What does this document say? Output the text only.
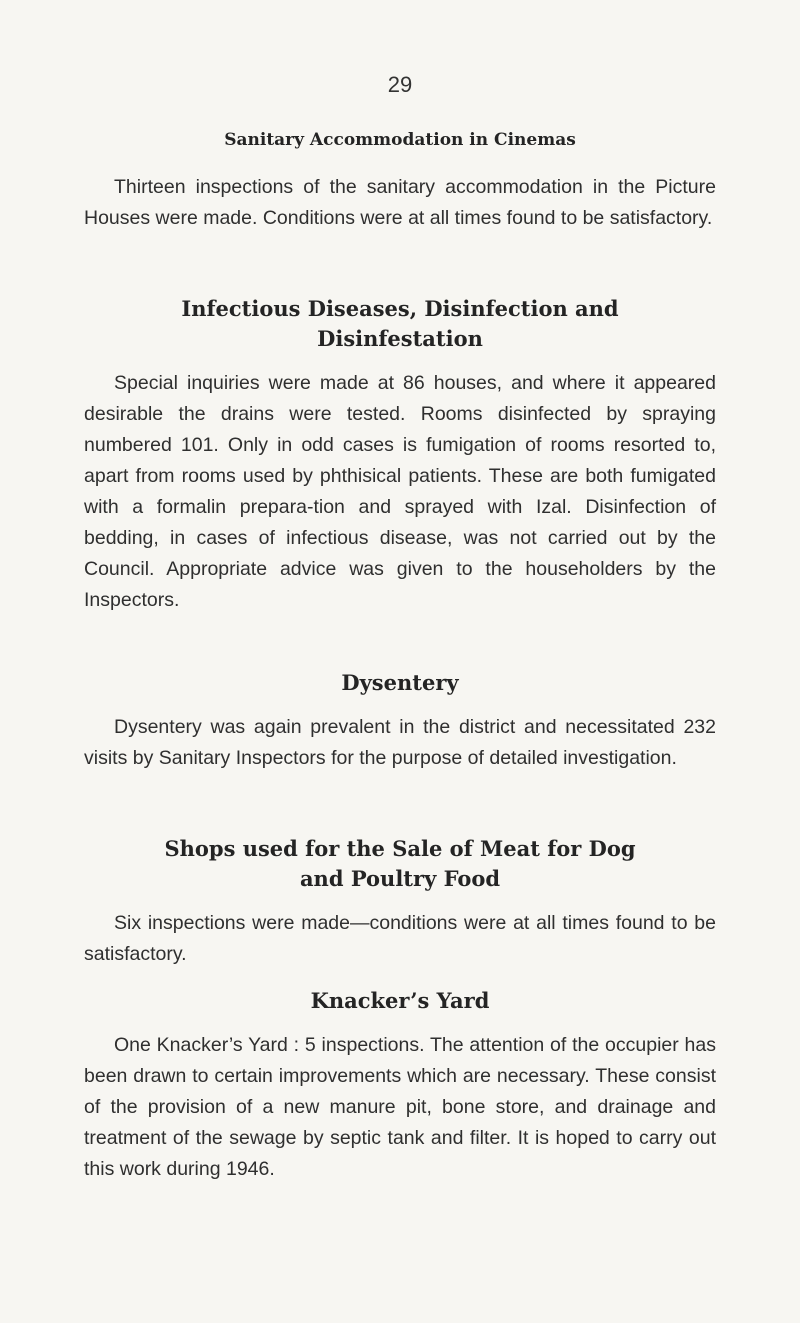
29
Sanitary Accommodation in Cinemas

Thirteen inspections of the sanitary accommodation in the Picture Houses were made. Conditions were at all times found to be satisfactory.

Infectious Diseases, Disinfection and
Disinfestation

Special inquiries were made at 86 houses, and where it appeared desirable the drains were tested. Rooms disinfected by spraying numbered 101. Only in odd cases is fumigation of rooms resorted to, apart from rooms used by phthisical patients. These are both fumigated with a formalin prepara-tion and sprayed with Izal. Disinfection of bedding, in cases of infectious disease, was not carried out by the Council. Appropriate advice was given to the householders by the Inspectors.

Dysentery

Dysentery was again prevalent in the district and necessitated 232 visits by Sanitary Inspectors for the purpose of detailed investigation.

Shops used for the Sale of Meat for Dog
and Poultry Food

Six inspections were made—conditions were at all times found to be satisfactory.

Knacker’s Yard

One Knacker’s Yard : 5 inspections. The attention of the occupier has been drawn to certain improvements which are necessary. These consist of the provision of a new manure pit, bone store, and drainage and treatment of the sewage by septic tank and filter. It is hoped to carry out this work during 1946.
